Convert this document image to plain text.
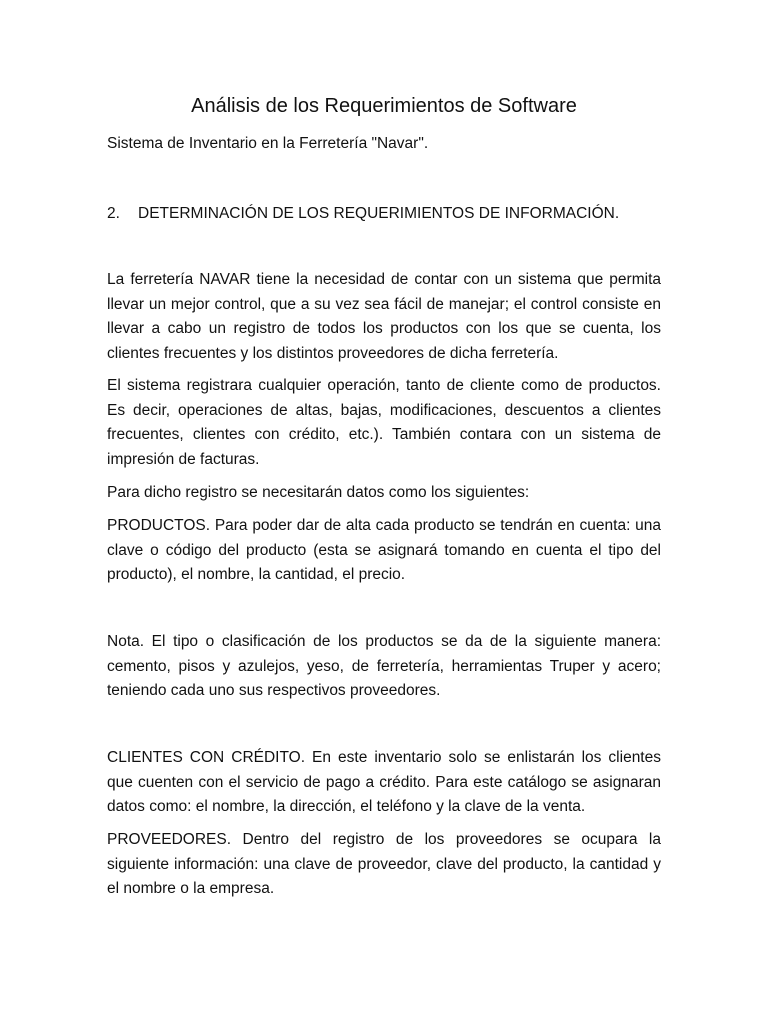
Análisis de los Requerimientos de Software

Sistema de Inventario en la Ferretería "Navar".

2. DETERMINACIÓN DE LOS REQUERIMIENTOS DE INFORMACIÓN.

La ferretería NAVAR tiene la necesidad de contar con un sistema que permita llevar un mejor control, que a su vez sea fácil de manejar; el control consiste en llevar a cabo un registro de todos los productos con los que se cuenta, los clientes frecuentes y los distintos proveedores de dicha ferretería.

El sistema registrara cualquier operación, tanto de cliente como de productos. Es decir, operaciones de altas, bajas, modificaciones, descuentos a clientes frecuentes, clientes con crédito, etc.). También contara con un sistema de impresión de facturas.

Para dicho registro se necesitarán datos como los siguientes:

PRODUCTOS. Para poder dar de alta cada producto se tendrán en cuenta: una clave o código del producto (esta se asignará tomando en cuenta el tipo del producto), el nombre, la cantidad, el precio.

Nota. El tipo o clasificación de los productos se da de la siguiente manera: cemento, pisos y azulejos, yeso, de ferretería, herramientas Truper y acero; teniendo cada uno sus respectivos proveedores.

CLIENTES CON CRÉDITO. En este inventario solo se enlistarán los clientes que cuenten con el servicio de pago a crédito. Para este catálogo se asignaran datos como: el nombre, la dirección, el teléfono y la clave de la venta.

PROVEEDORES. Dentro del registro de los proveedores se ocupara la siguiente información: una clave de proveedor, clave del producto, la cantidad y el nombre o la empresa.
